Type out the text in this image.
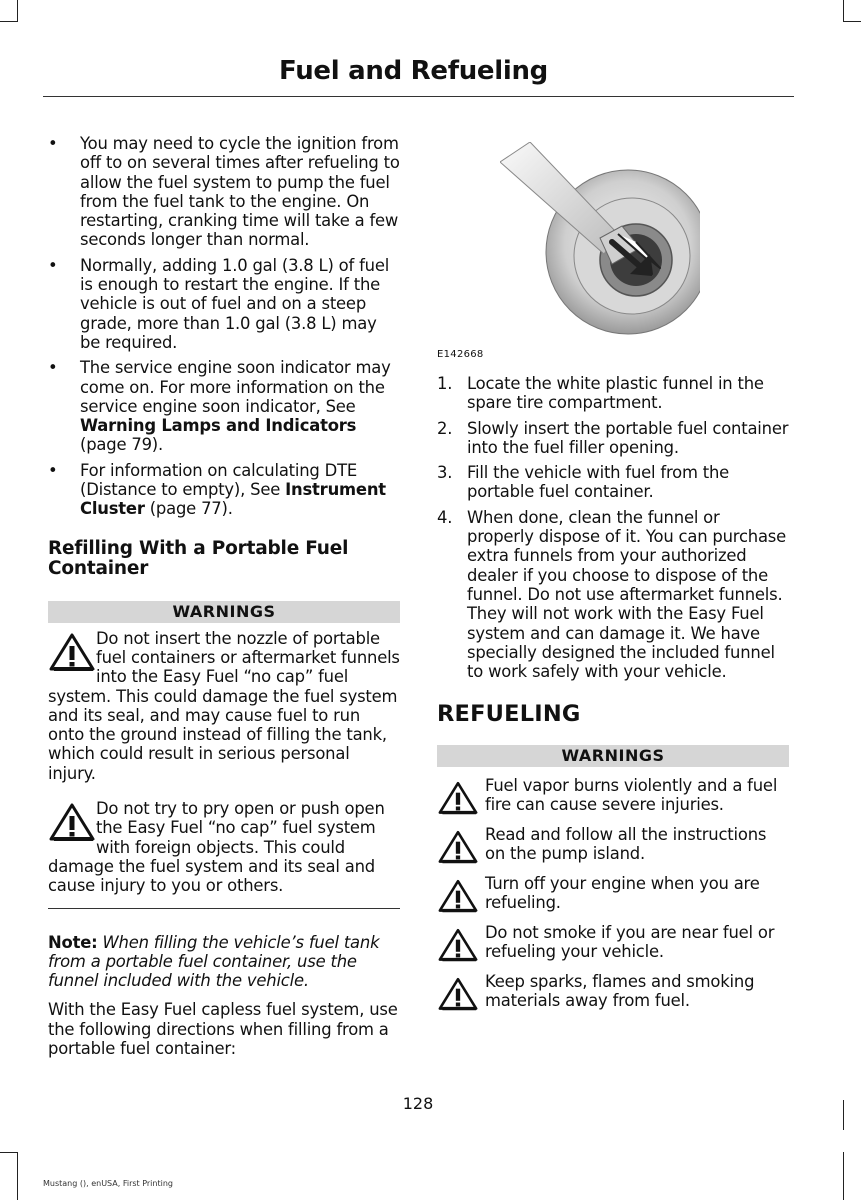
Fuel and Refueling
• You may need to cycle the ignition from off to on several times after refueling to allow the fuel system to pump the fuel from the fuel tank to the engine. On restarting, cranking time will take a few seconds longer than normal.
• Normally, adding 1.0 gal (3.8 L) of fuel is enough to restart the engine. If the vehicle is out of fuel and on a steep grade, more than 1.0 gal (3.8 L) may be required.
• The service engine soon indicator may come on. For more information on the service engine soon indicator, See Warning Lamps and Indicators (page 79).
• For information on calculating DTE (Distance to empty), See Instrument Cluster (page 77).
Refilling With a Portable Fuel Container
WARNINGS

Do not insert the nozzle of portable fuel containers or aftermarket funnels into the Easy Fuel “no cap” fuel system. This could damage the fuel system and its seal, and may cause fuel to run onto the ground instead of filling the tank, which could result in serious personal injury.

Do not try to pry open or push open the Easy Fuel “no cap” fuel system with foreign objects. This could damage the fuel system and its seal and cause injury to you or others.

Note: When filling the vehicle’s fuel tank from a portable fuel container, use the funnel included with the vehicle.
With the Easy Fuel capless fuel system, use the following directions when filling from a portable fuel container:
E142668
1. Locate the white plastic funnel in the spare tire compartment.
2. Slowly insert the portable fuel container into the fuel filler opening.
3. Fill the vehicle with fuel from the portable fuel container.
4. When done, clean the funnel or properly dispose of it. You can purchase extra funnels from your authorized dealer if you choose to dispose of the funnel. Do not use aftermarket funnels. They will not work with the Easy Fuel system and can damage it. We have specially designed the included funnel to work safely with your vehicle.
REFUELING
WARNINGS
Fuel vapor burns violently and a fuel fire can cause severe injuries.
Read and follow all the instructions on the pump island.
Turn off your engine when you are refueling.
Do not smoke if you are near fuel or refueling your vehicle.
Keep sparks, flames and smoking materials away from fuel.
128
Mustang (), enUSA, First Printing
